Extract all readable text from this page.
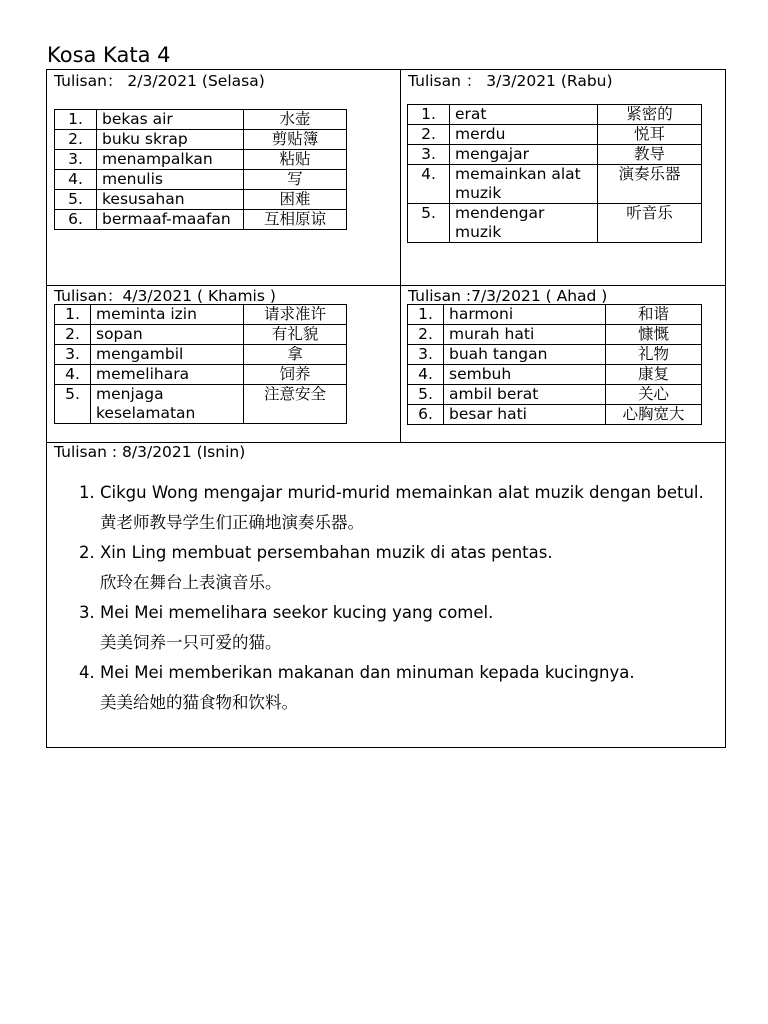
Kosa Kata 4
Tulisan： 2/3/2021 (Selasa)
1.	bekas air	水壶
2.	buku skrap	剪贴簿
3.	menampalkan	粘贴
4.	menulis	写
5.	kesusahan	困难
6.	bermaaf-maafan	互相原谅
Tulisan ： 3/3/2021 (Rabu)
1.	erat	紧密的
2.	merdu	悦耳
3.	mengajar	教导
4.	memainkan alat muzik	演奏乐器
5.	mendengar muzik	听音乐
Tulisan：4/3/2021 ( Khamis )
1.	meminta izin	请求准许
2.	sopan	有礼貌
3.	mengambil	拿
4.	memelihara	饲养
5.	menjaga keselamatan	注意安全
Tulisan :7/3/2021 ( Ahad )
1.	harmoni	和谐
2.	murah hati	慷慨
3.	buah tangan	礼物
4.	sembuh	康复
5.	ambil berat	关心
6.	besar hati	心胸宽大
Tulisan : 8/3/2021 (Isnin)
1. Cikgu Wong mengajar murid-murid memainkan alat muzik dengan betul.
黄老师教导学生们正确地演奏乐器。
2. Xin Ling membuat persembahan muzik di atas pentas.
欣玲在舞台上表演音乐。
3. Mei Mei memelihara seekor kucing yang comel.
美美饲养一只可爱的猫。
4. Mei Mei memberikan makanan dan minuman kepada kucingnya.
美美给她的猫食物和饮料。
